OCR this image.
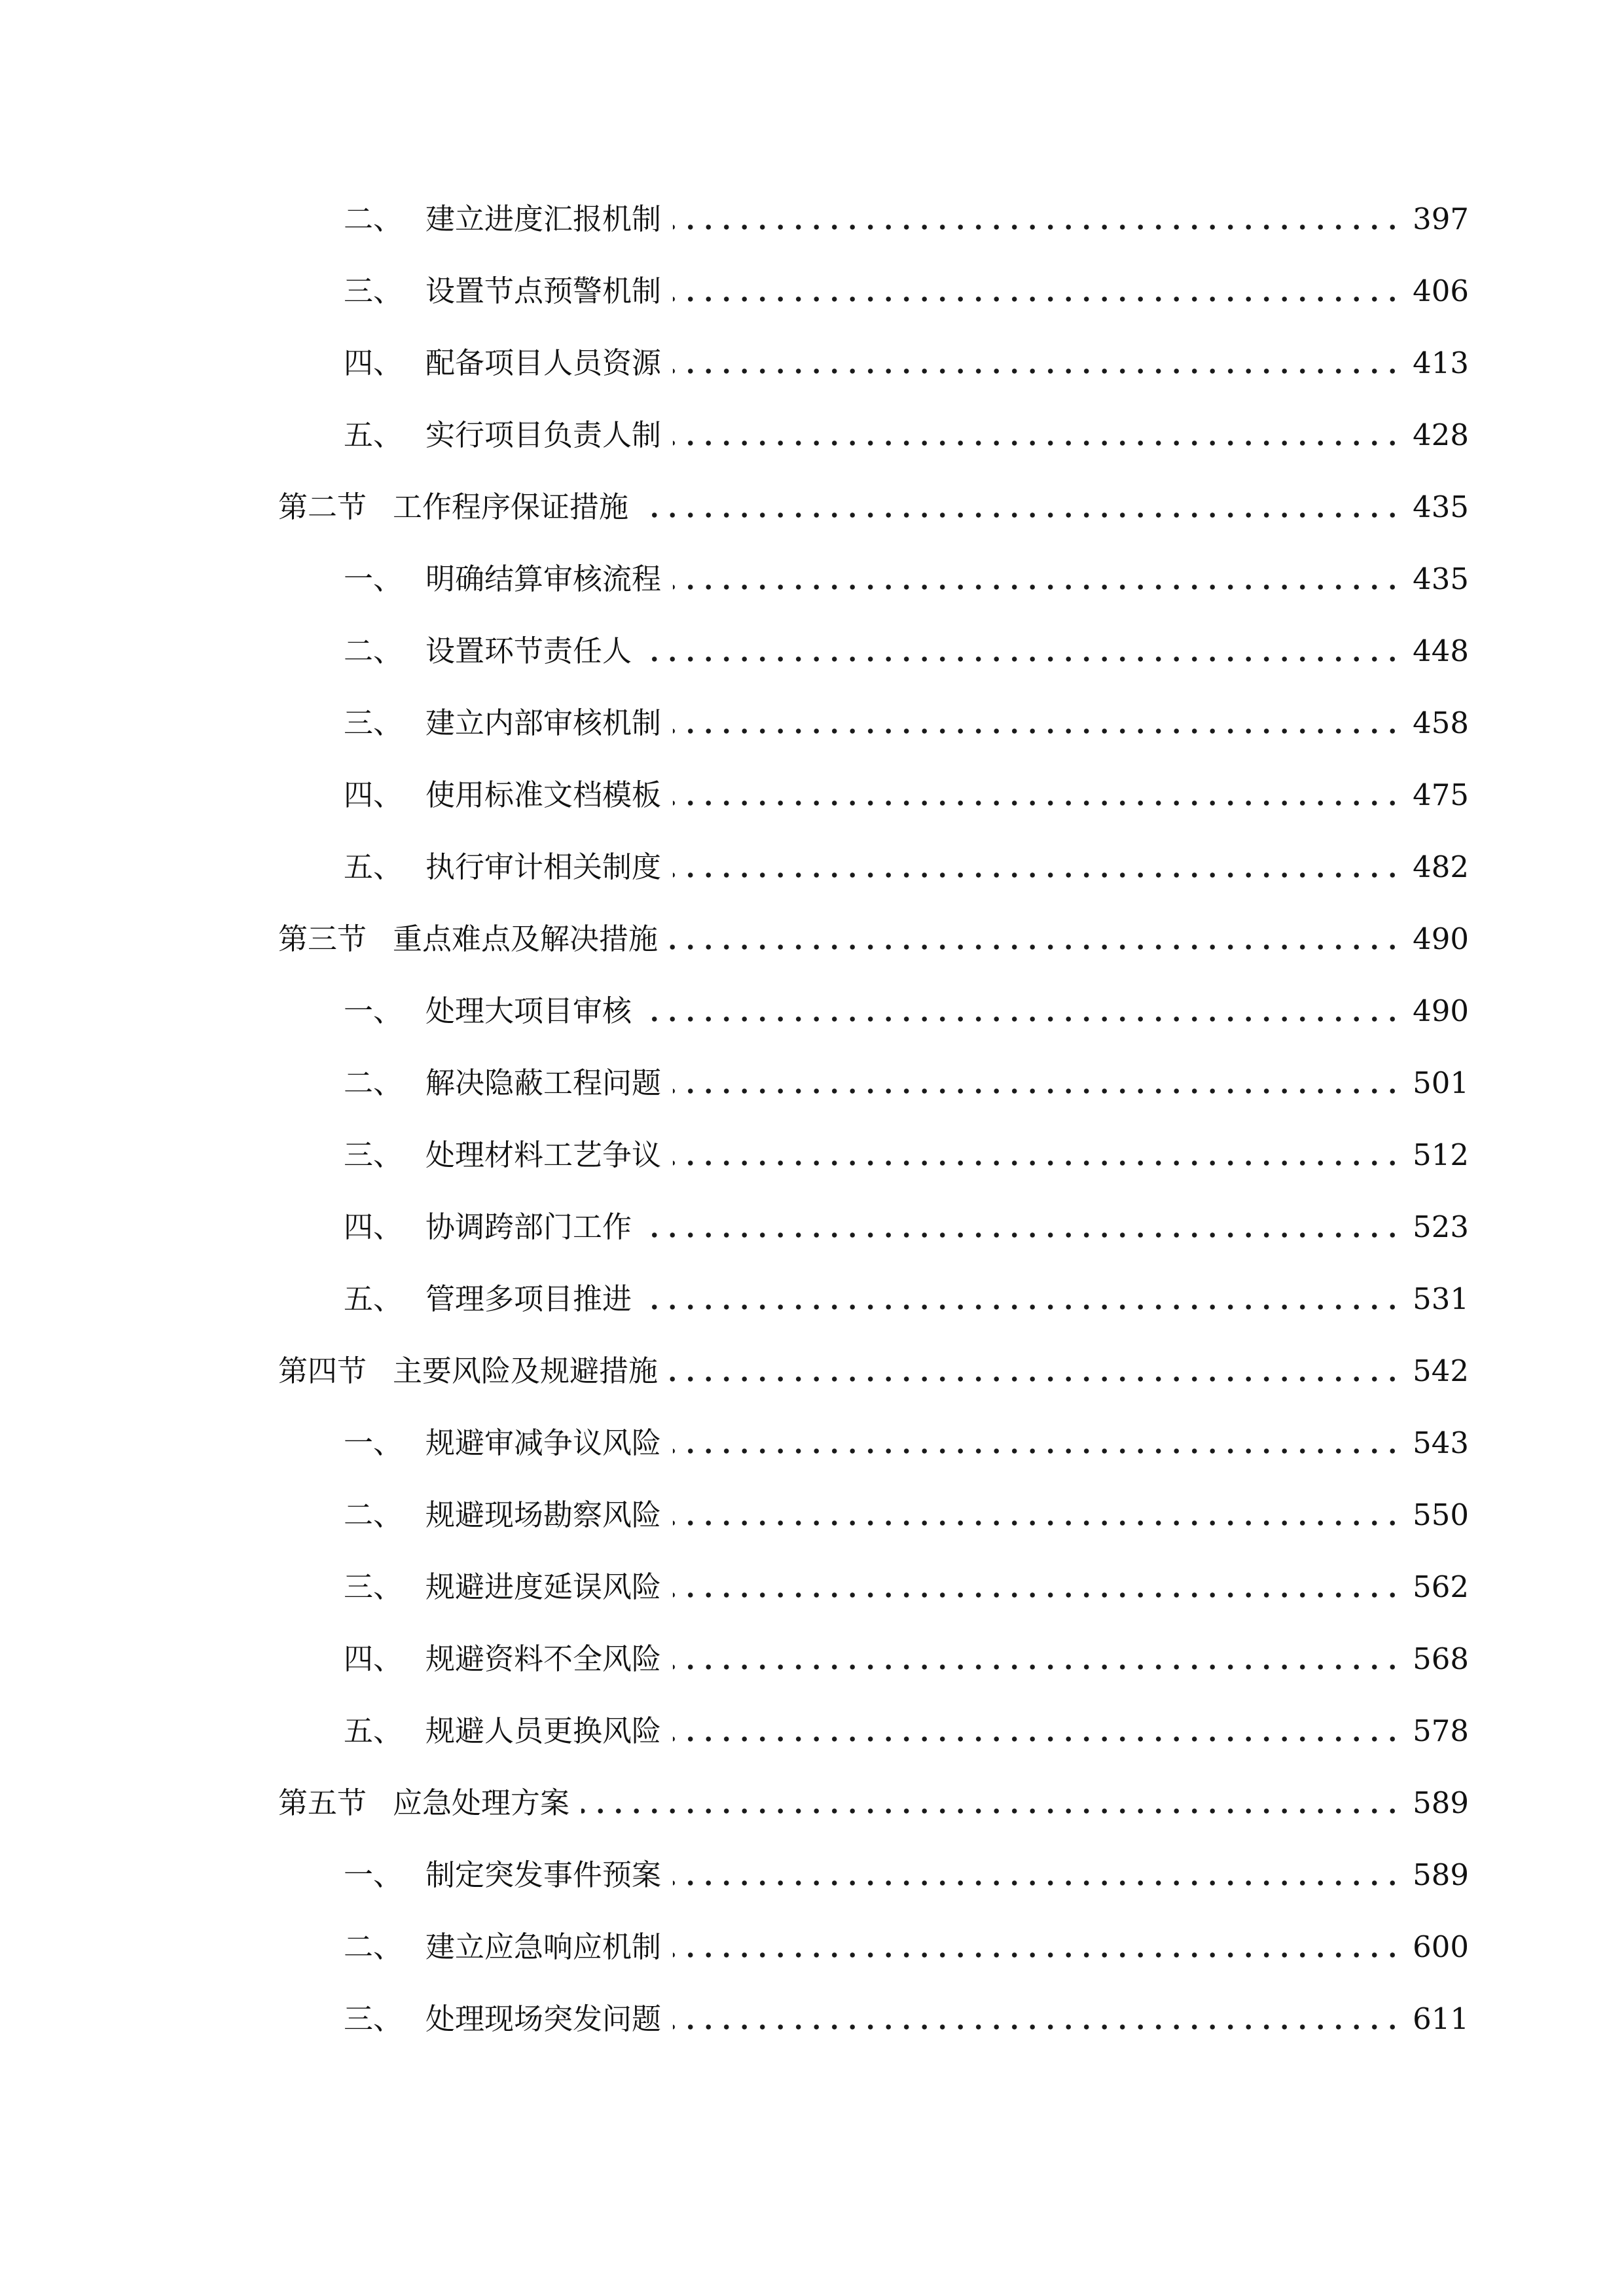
二、 建立进度汇报机制	397
三、 设置节点预警机制	406
四、 配备项目人员资源	413
五、 实行项目负责人制	428
第二节 工作程序保证措施	435
一、 明确结算审核流程	435
二、 设置环节责任人	448
三、 建立内部审核机制	458
四、 使用标准文档模板	475
五、 执行审计相关制度	482
第三节 重点难点及解决措施	490
一、 处理大项目审核	490
二、 解决隐蔽工程问题	501
三、 处理材料工艺争议	512
四、 协调跨部门工作	523
五、 管理多项目推进	531
第四节 主要风险及规避措施	542
一、 规避审减争议风险	543
二、 规避现场勘察风险	550
三、 规避进度延误风险	562
四、 规避资料不全风险	568
五、 规避人员更换风险	578
第五节 应急处理方案	589
一、 制定突发事件预案	589
二、 建立应急响应机制	600
三、 处理现场突发问题	611
